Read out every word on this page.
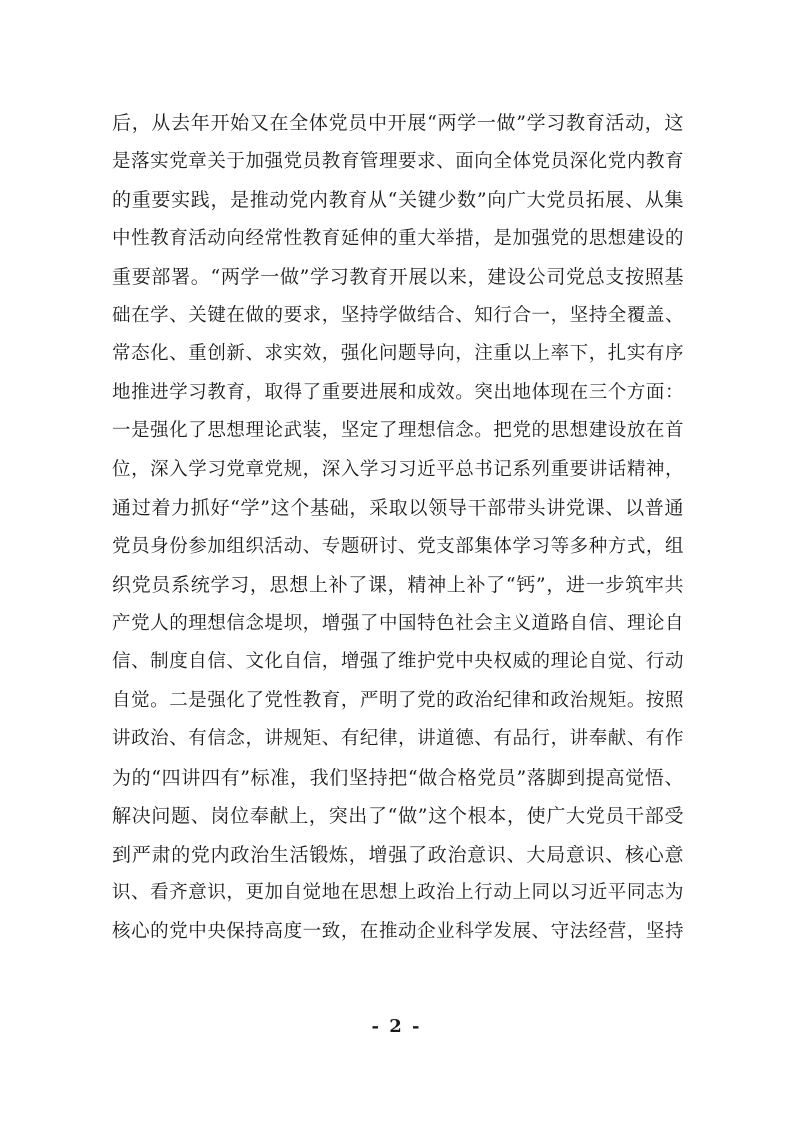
后，从去年开始又在全体党员中开展“两学一做”学习教育活动，这
是落实党章关于加强党员教育管理要求、面向全体党员深化党内教育
的重要实践，是推动党内教育从“关键少数”向广大党员拓展、从集
中性教育活动向经常性教育延伸的重大举措，是加强党的思想建设的
重要部署。“两学一做”学习教育开展以来，建设公司党总支按照基
础在学、关键在做的要求，坚持学做结合、知行合一，坚持全覆盖、
常态化、重创新、求实效，强化问题导向，注重以上率下，扎实有序
地推进学习教育，取得了重要进展和成效。突出地体现在三个方面：
一是强化了思想理论武装，坚定了理想信念。把党的思想建设放在首
位，深入学习党章党规，深入学习习近平总书记系列重要讲话精神，
通过着力抓好“学”这个基础，采取以领导干部带头讲党课、以普通
党员身份参加组织活动、专题研讨、党支部集体学习等多种方式，组
织党员系统学习，思想上补了课，精神上补了“钙”，进一步筑牢共
产党人的理想信念堤坝，增强了中国特色社会主义道路自信、理论自
信、制度自信、文化自信，增强了维护党中央权威的理论自觉、行动
自觉。二是强化了党性教育，严明了党的政治纪律和政治规矩。按照
讲政治、有信念，讲规矩、有纪律，讲道德、有品行，讲奉献、有作
为的“四讲四有”标准，我们坚持把“做合格党员”落脚到提高觉悟、
解决问题、岗位奉献上，突出了“做”这个根本，使广大党员干部受
到严肃的党内政治生活锻炼，增强了政治意识、大局意识、核心意
识、看齐意识，更加自觉地在思想上政治上行动上同以习近平同志为
核心的党中央保持高度一致，在推动企业科学发展、守法经营，坚持
- 2 -
